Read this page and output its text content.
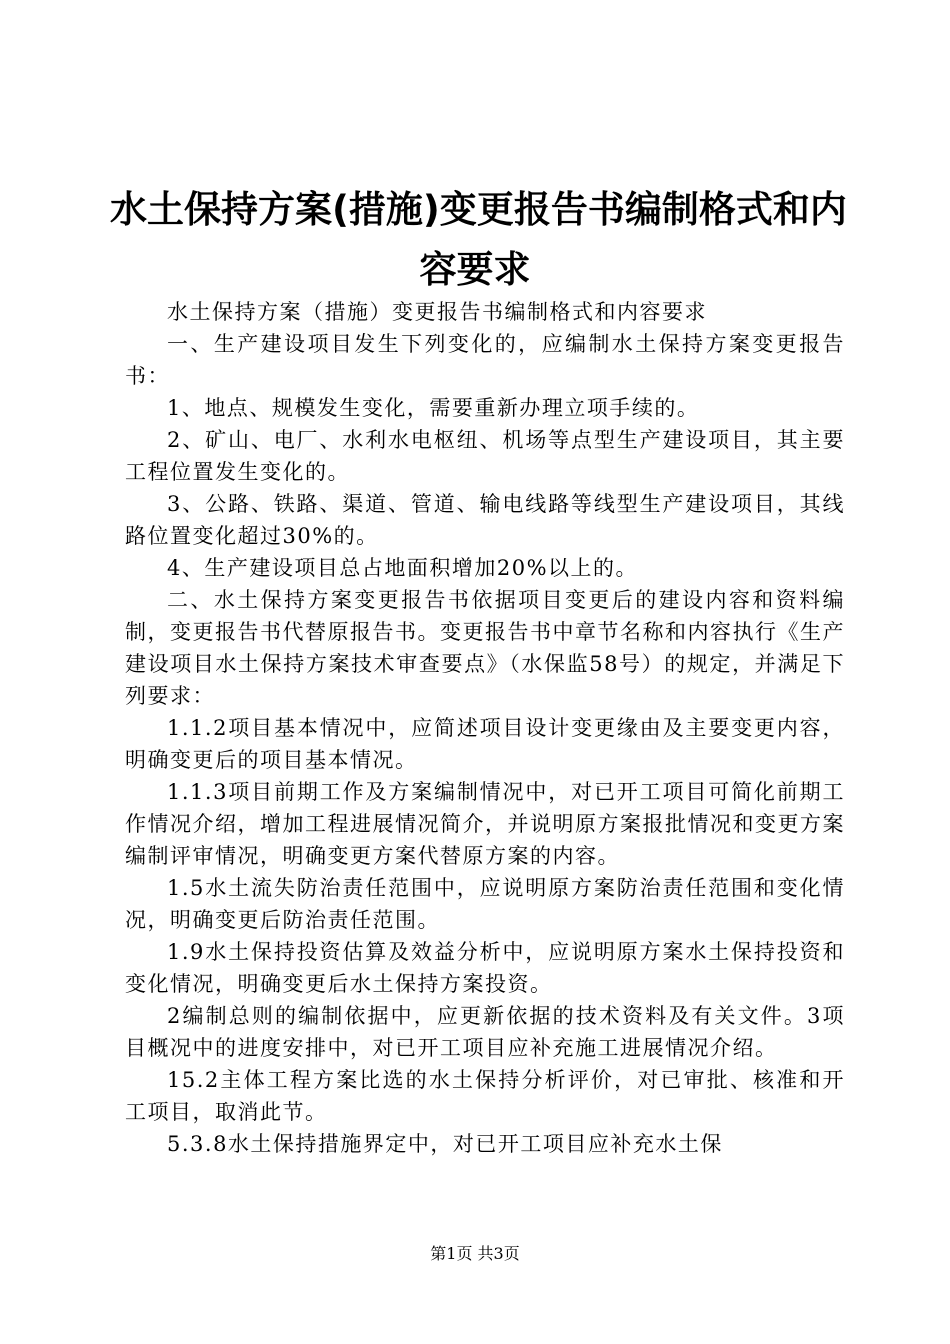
水土保持方案(措施)变更报告书编制格式和内
容要求

水土保持方案（措施）变更报告书编制格式和内容要求

一、生产建设项目发生下列变化的，应编制水土保持方案变更报告书：

1、地点、规模发生变化，需要重新办理立项手续的。

2、矿山、电厂、水利水电枢纽、机场等点型生产建设项目，其主要工程位置发生变化的。

3、公路、铁路、渠道、管道、输电线路等线型生产建设项目，其线路位置变化超过30%的。

4、生产建设项目总占地面积增加20%以上的。

二、水土保持方案变更报告书依据项目变更后的建设内容和资料编制，变更报告书代替原报告书。变更报告书中章节名称和内容执行《生产建设项目水土保持方案技术审查要点》（水保监58号）的规定，并满足下列要求：

1.1.2项目基本情况中，应简述项目设计变更缘由及主要变更内容，明确变更后的项目基本情况。

1.1.3项目前期工作及方案编制情况中，对已开工项目可简化前期工作情况介绍，增加工程进展情况简介，并说明原方案报批情况和变更方案编制评审情况，明确变更方案代替原方案的内容。

1.5水土流失防治责任范围中，应说明原方案防治责任范围和变化情况，明确变更后防治责任范围。

1.9水土保持投资估算及效益分析中，应说明原方案水土保持投资和变化情况，明确变更后水土保持方案投资。

2编制总则的编制依据中，应更新依据的技术资料及有关文件。3项目概况中的进度安排中，对已开工项目应补充施工进展情况介绍。

15.2主体工程方案比选的水土保持分析评价，对已审批、核准和开工项目，取消此节。

5.3.8水土保持措施界定中，对已开工项目应补充水土保

第1页 共3页
